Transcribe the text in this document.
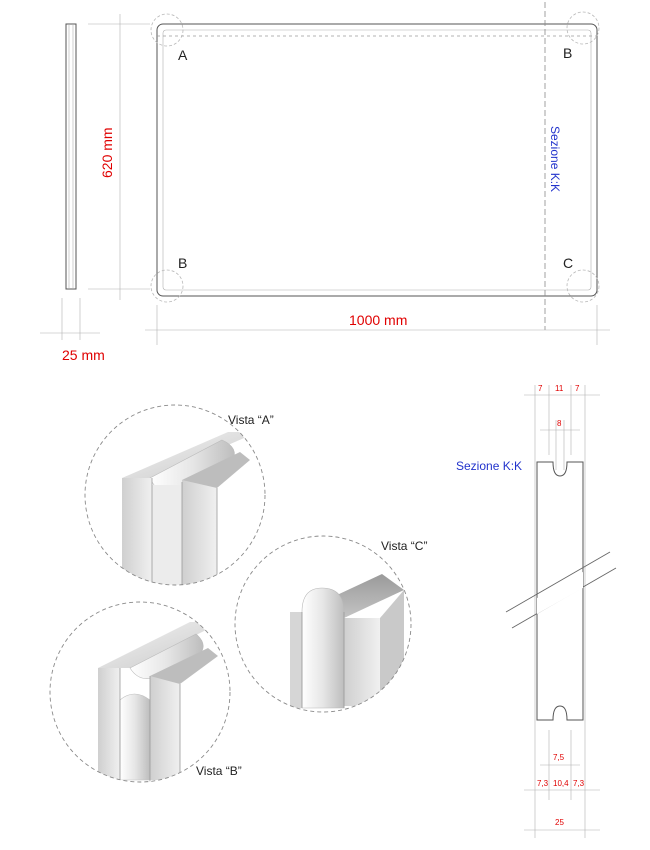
25 mm
620 mm
A	B
B	C
Sezione K:K
1000 mm
Vista “A”
Vista “B”
Vista “C”
Sezione K:K
7 11 7
8
7,5
7,3 10,4 7,3
25
